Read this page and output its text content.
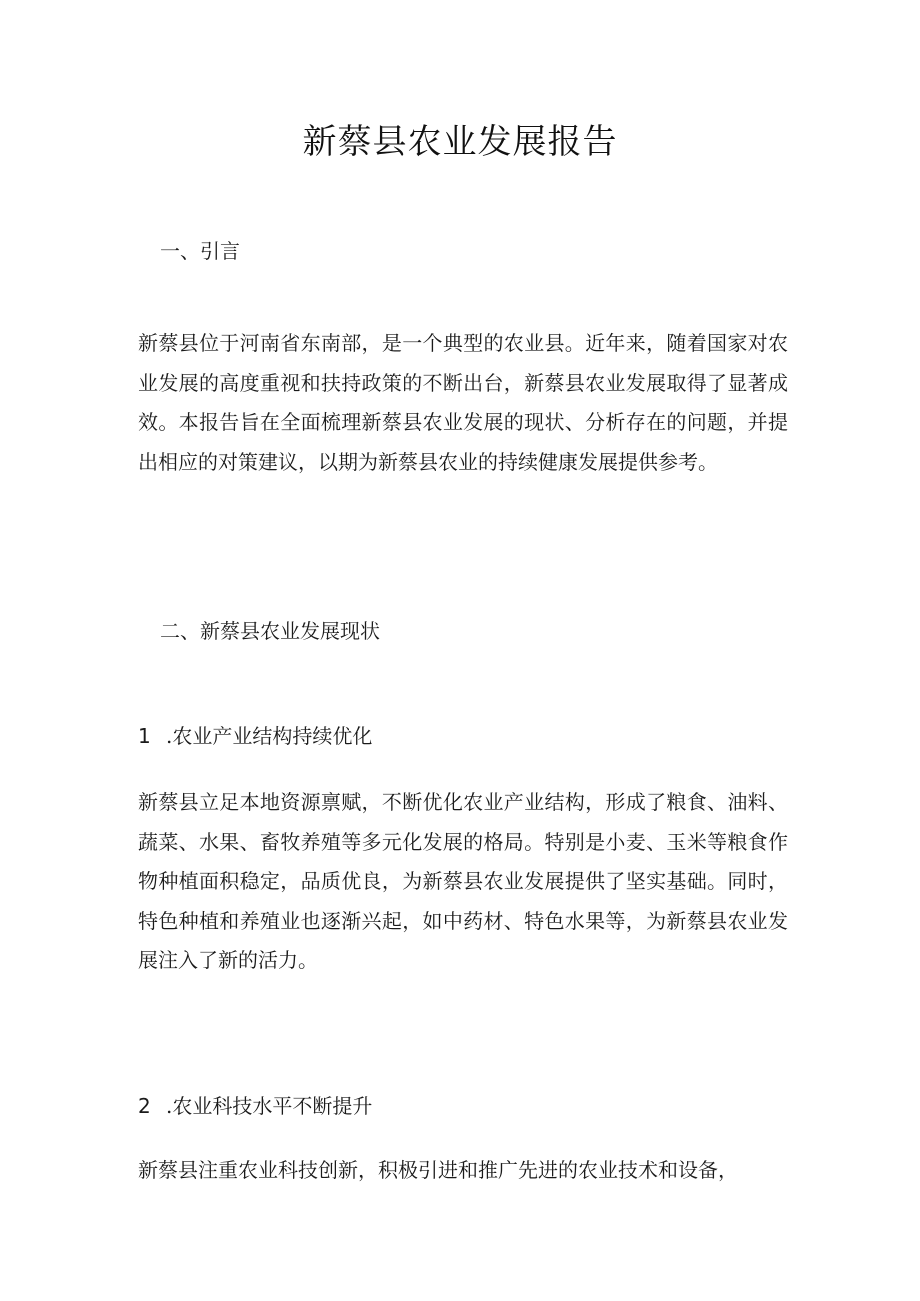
新蔡县农业发展报告

一、引言

新蔡县位于河南省东南部，是一个典型的农业县。近年来，随着国家对农业发展的高度重视和扶持政策的不断出台，新蔡县农业发展取得了显著成效。本报告旨在全面梳理新蔡县农业发展的现状、分析存在的问题，并提出相应的对策建议，以期为新蔡县农业的持续健康发展提供参考。

二、新蔡县农业发展现状

1 .农业产业结构持续优化

新蔡县立足本地资源禀赋，不断优化农业产业结构，形成了粮食、油料、蔬菜、水果、畜牧养殖等多元化发展的格局。特别是小麦、玉米等粮食作物种植面积稳定，品质优良，为新蔡县农业发展提供了坚实基础。同时，特色种植和养殖业也逐渐兴起，如中药材、特色水果等，为新蔡县农业发展注入了新的活力。

2 .农业科技水平不断提升

新蔡县注重农业科技创新，积极引进和推广先进的农业技术和设备，
